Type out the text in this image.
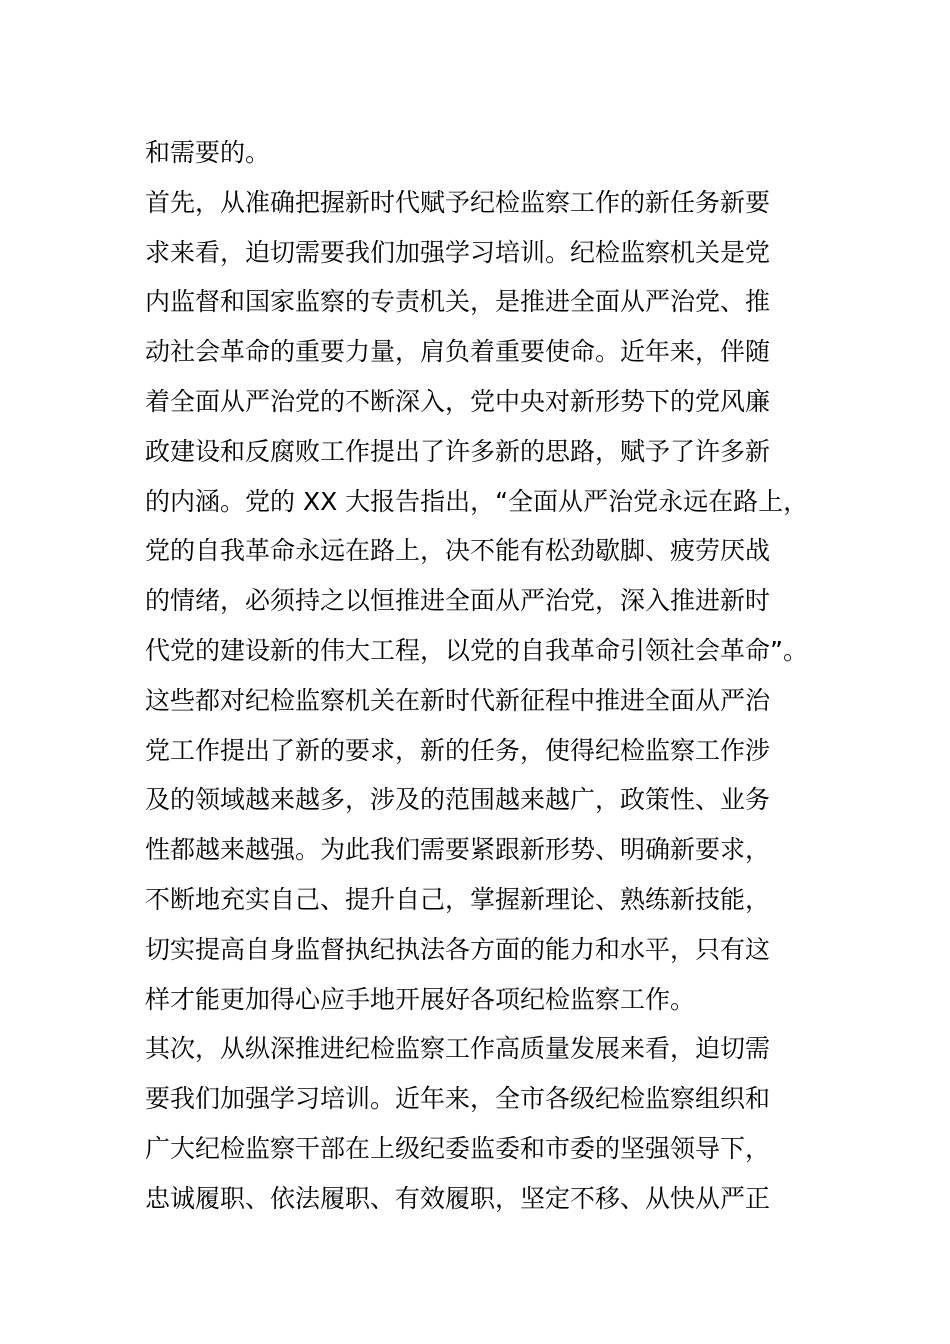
和需要的。
首先，从准确把握新时代赋予纪检监察工作的新任务新要
求来看，迫切需要我们加强学习培训。纪检监察机关是党
内监督和国家监察的专责机关，是推进全面从严治党、推
动社会革命的重要力量，肩负着重要使命。近年来，伴随
着全面从严治党的不断深入，党中央对新形势下的党风廉
政建设和反腐败工作提出了许多新的思路，赋予了许多新
的内涵。党的 XX 大报告指出，“全面从严治党永远在路上，
党的自我革命永远在路上，决不能有松劲歇脚、疲劳厌战
的情绪，必须持之以恒推进全面从严治党，深入推进新时
代党的建设新的伟大工程，以党的自我革命引领社会革命”。
这些都对纪检监察机关在新时代新征程中推进全面从严治
党工作提出了新的要求，新的任务，使得纪检监察工作涉
及的领域越来越多，涉及的范围越来越广，政策性、业务
性都越来越强。为此我们需要紧跟新形势、明确新要求，
不断地充实自己、提升自己，掌握新理论、熟练新技能，
切实提高自身监督执纪执法各方面的能力和水平，只有这
样才能更加得心应手地开展好各项纪检监察工作。
其次，从纵深推进纪检监察工作高质量发展来看，迫切需
要我们加强学习培训。近年来，全市各级纪检监察组织和
广大纪检监察干部在上级纪委监委和市委的坚强领导下，
忠诚履职、依法履职、有效履职，坚定不移、从快从严正
